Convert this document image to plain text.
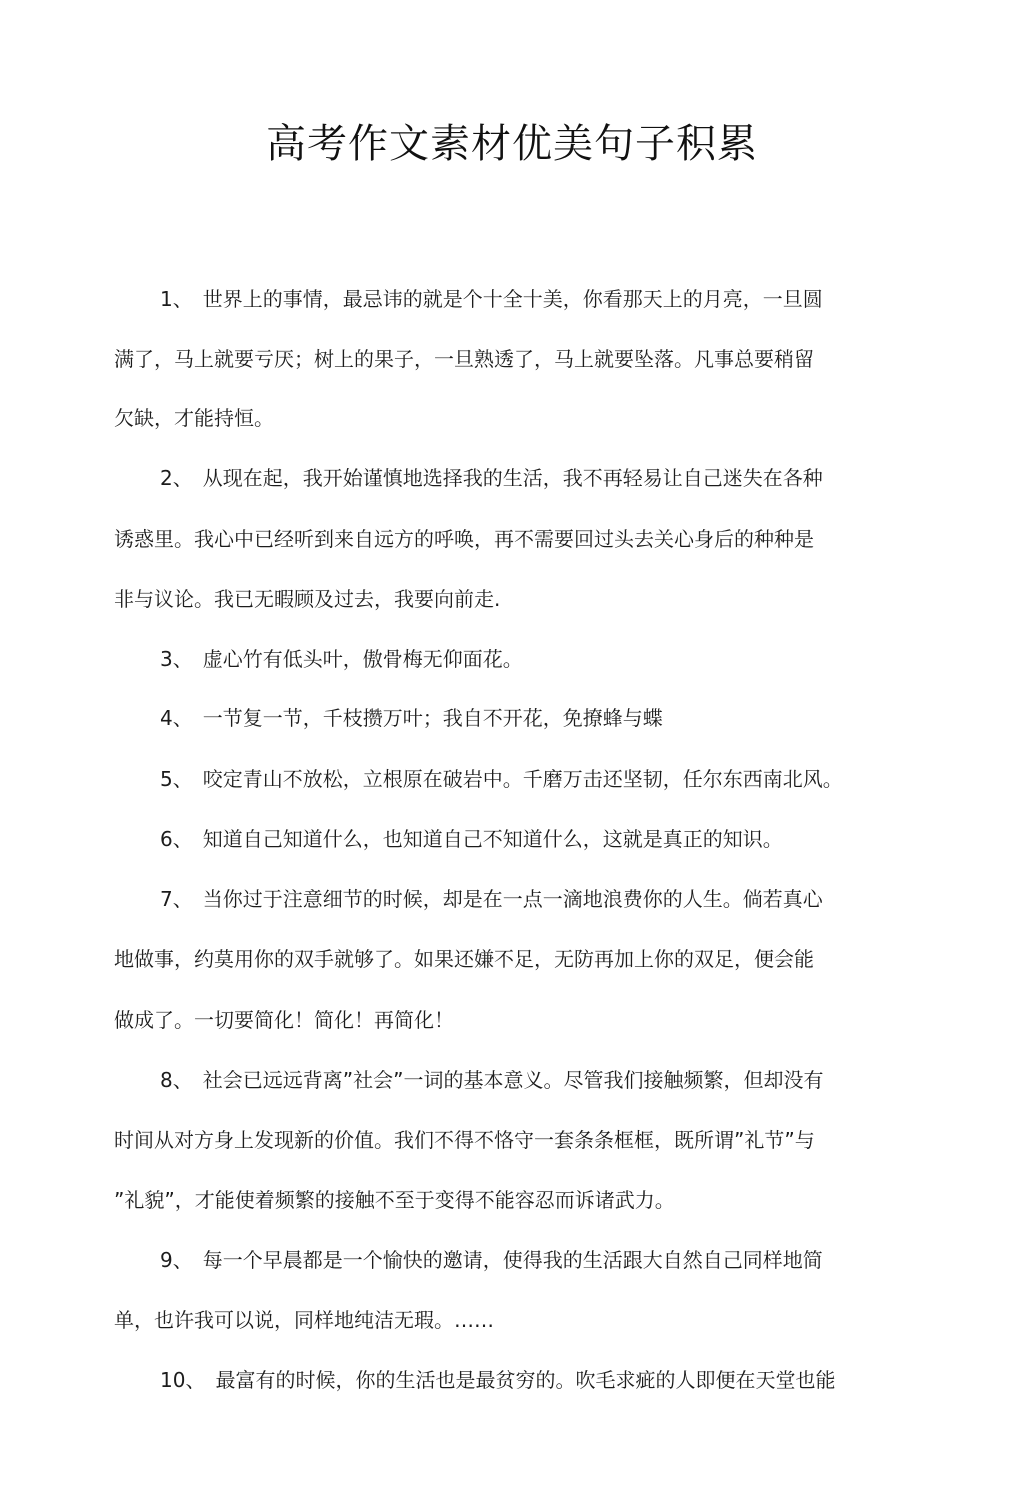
高考作文素材优美句子积累
1、 世界上的事情，最忌讳的就是个十全十美，你看那天上的月亮，一旦圆
满了，马上就要亏厌；树上的果子，一旦熟透了，马上就要坠落。凡事总要稍留
欠缺，才能持恒。
2、 从现在起，我开始谨慎地选择我的生活，我不再轻易让自己迷失在各种
诱惑里。我心中已经听到来自远方的呼唤，再不需要回过头去关心身后的种种是
非与议论。我已无暇顾及过去，我要向前走.
3、 虚心竹有低头叶，傲骨梅无仰面花。
4、 一节复一节，千枝攒万叶；我自不开花，免撩蜂与蝶
5、 咬定青山不放松，立根原在破岩中。千磨万击还坚韧，任尔东西南北风。
6、 知道自己知道什么，也知道自己不知道什么，这就是真正的知识。
7、 当你过于注意细节的时候，却是在一点一滴地浪费你的人生。倘若真心
地做事，约莫用你的双手就够了。如果还嫌不足，无防再加上你的双足，便会能
做成了。一切要简化！简化！再简化！
8、 社会已远远背离”社会”一词的基本意义。尽管我们接触频繁，但却没有
时间从对方身上发现新的价值。我们不得不恪守一套条条框框，既所谓”礼节”与
”礼貌”，才能使着频繁的接触不至于变得不能容忍而诉诸武力。
9、 每一个早晨都是一个愉快的邀请，使得我的生活跟大自然自己同样地简
单，也许我可以说，同样地纯洁无瑕。……
10、 最富有的时候，你的生活也是最贫穷的。吹毛求疵的人即便在天堂也能
